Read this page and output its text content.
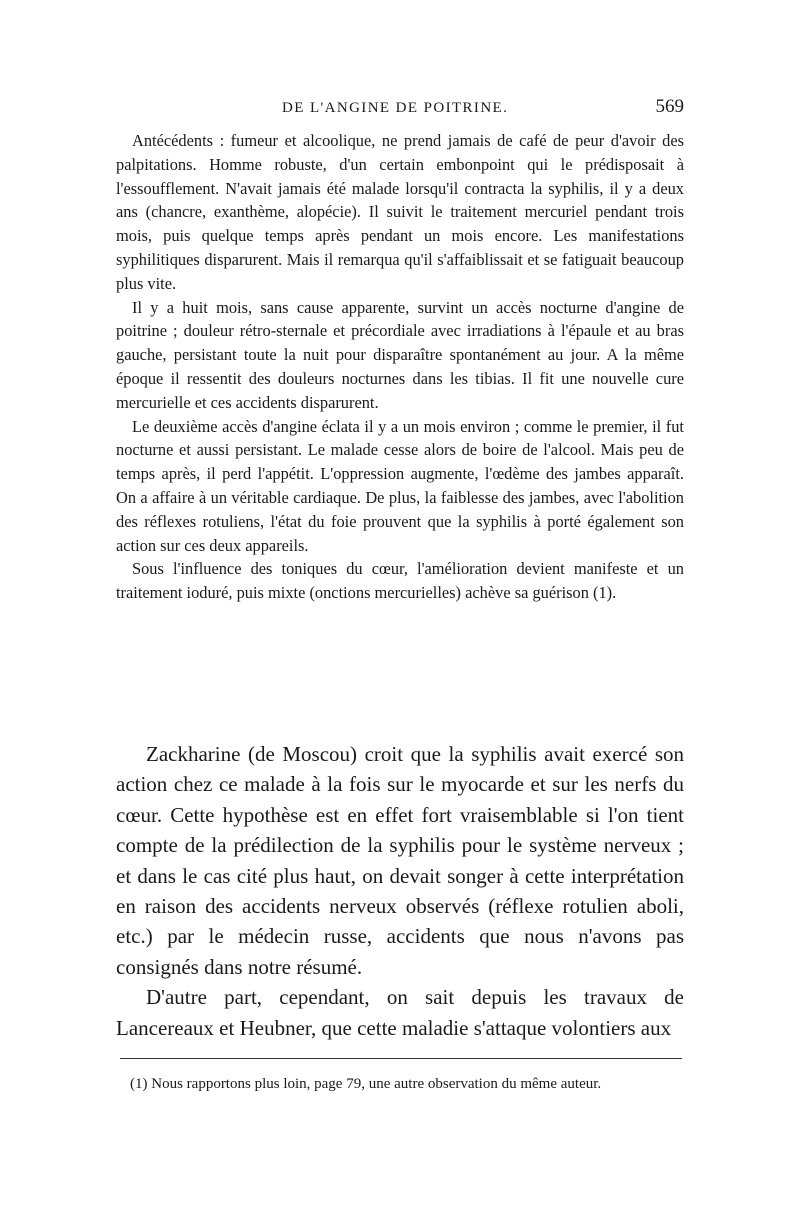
DE L'ANGINE DE POITRINE.	569

Antécédents : fumeur et alcoolique, ne prend jamais de café de peur d'avoir des palpitations. Homme robuste, d'un certain embonpoint qui le prédisposait à l'essoufflement. N'avait jamais été malade lorsqu'il contracta la syphilis, il y a deux ans (chancre, exanthème, alopécie). Il suivit le traitement mercuriel pendant trois mois, puis quelque temps après pendant un mois encore. Les manifestations syphilitiques disparurent. Mais il remarqua qu'il s'affaiblissait et se fatiguait beaucoup plus vite.

Il y a huit mois, sans cause apparente, survint un accès nocturne d'angine de poitrine ; douleur rétro-sternale et précordiale avec irradiations à l'épaule et au bras gauche, persistant toute la nuit pour disparaître spontanément au jour. A la même époque il ressentit des douleurs nocturnes dans les tibias. Il fit une nouvelle cure mercurielle et ces accidents disparurent.

Le deuxième accès d'angine éclata il y a un mois environ ; comme le premier, il fut nocturne et aussi persistant. Le malade cesse alors de boire de l'alcool. Mais peu de temps après, il perd l'appétit. L'oppression augmente, l'œdème des jambes apparaît. On a affaire à un véritable cardiaque. De plus, la faiblesse des jambes, avec l'abolition des réflexes rotuliens, l'état du foie prouvent que la syphilis à porté également son action sur ces deux appareils.

Sous l'influence des toniques du cœur, l'amélioration devient manifeste et un traitement ioduré, puis mixte (onctions mercurielles) achève sa guérison (1).

Zackharine (de Moscou) croit que la syphilis avait exercé son action chez ce malade à la fois sur le myocarde et sur les nerfs du cœur. Cette hypothèse est en effet fort vraisemblable si l'on tient compte de la prédilection de la syphilis pour le système nerveux ; et dans le cas cité plus haut, on devait songer à cette interprétation en raison des accidents nerveux observés (réflexe rotulien aboli, etc.) par le médecin russe, accidents que nous n'avons pas consignés dans notre résumé.

D'autre part, cependant, on sait depuis les travaux de Lancereaux et Heubner, que cette maladie s'attaque volontiers aux

(1) Nous rapportons plus loin, page 79, une autre observation du même auteur.
